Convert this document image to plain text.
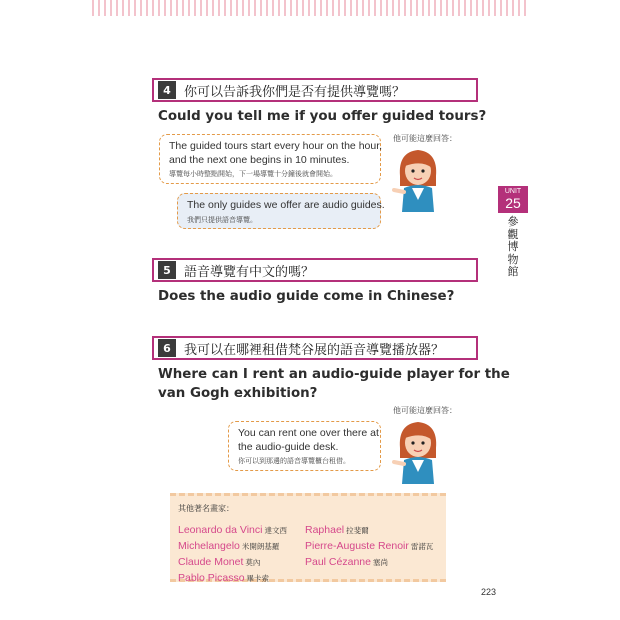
4	你可以告訴我你們是否有提供導覽嗎？
Could you tell me if you offer guided tours?
他可能這麼回答：
The guided tours start every hour on the hour,
and the next one begins in 10 minutes.
導覽每小時整點開始，下一場導覽十分鐘後就會開始。
The only guides we offer are audio guides.
我們只提供語音導覽。
5	語音導覽有中文的嗎？
Does the audio guide come in Chinese?
6	我可以在哪裡租借梵谷展的語音導覽播放器？
Where can I rent an audio-guide player for the
van Gogh exhibition?
他可能這麼回答：
You can rent one over there at
the audio-guide desk.
你可以到那邊的語音導覽櫃台租借。
UNIT
25
參觀博物館
其他著名畫家：
Leonardo da Vinci 達文西 Raphael 拉斐爾
Michelangelo 米開朗基羅 Pierre-Auguste Renoir 雷諾瓦
Claude Monet 莫內	Paul Cézanne 塞尚
Pablo Picasso 畢卡索
223
